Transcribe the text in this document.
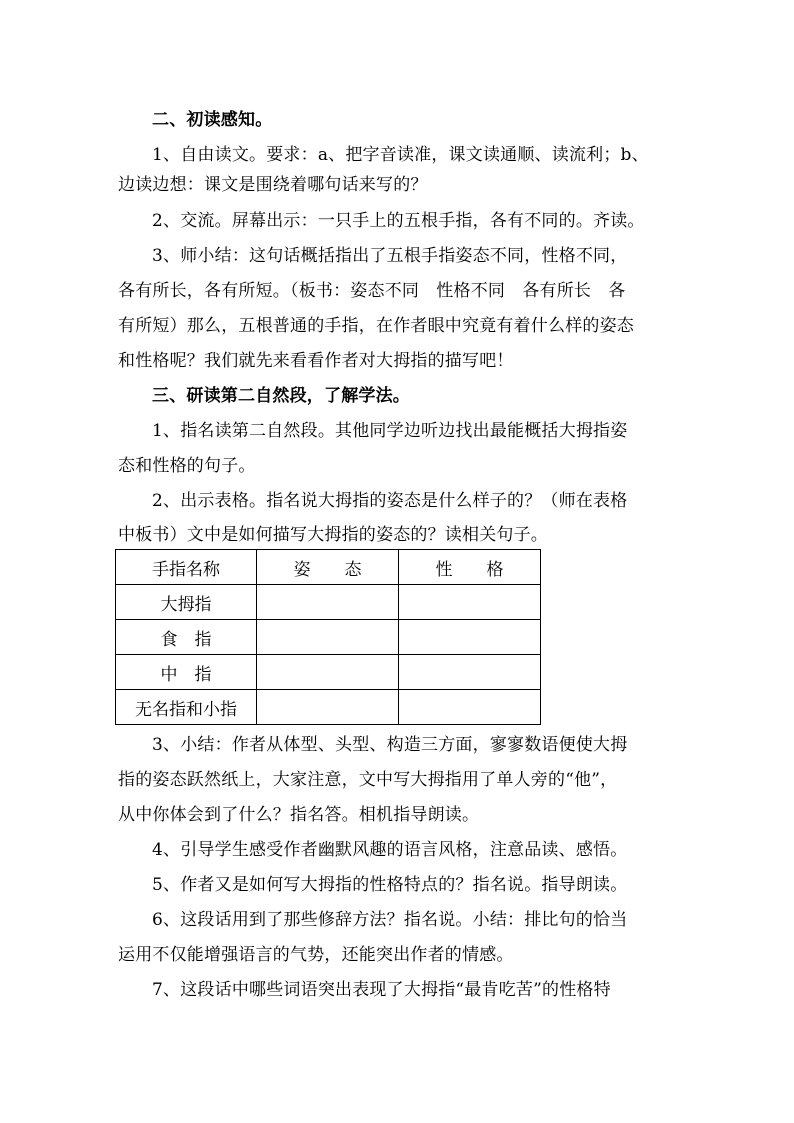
二、初读感知。
1、自由读文。要求：a、把字音读准，课文读通顺、读流利；b、
边读边想：课文是围绕着哪句话来写的？
2、交流。屏幕出示：一只手上的五根手指，各有不同的。齐读。
3、师小结：这句话概括指出了五根手指姿态不同，性格不同，
各有所长，各有所短。（板书：姿态不同　性格不同　各有所长　各
有所短）那么，五根普通的手指，在作者眼中究竟有着什么样的姿态
和性格呢？我们就先来看看作者对大拇指的描写吧！
三、研读第二自然段，了解学法。
1、指名读第二自然段。其他同学边听边找出最能概括大拇指姿
态和性格的句子。
2、出示表格。指名说大拇指的姿态是什么样子的？（师在表格
中板书）文中是如何描写大拇指的姿态的？读相关句子。
手指名称	姿　　态	性　　格
大拇指		
食　指		
中　指		
无名指和小指		
3、小结：作者从体型、头型、构造三方面，寥寥数语便使大拇
指的姿态跃然纸上，大家注意，文中写大拇指用了单人旁的“他”，
从中你体会到了什么？指名答。相机指导朗读。
4、引导学生感受作者幽默风趣的语言风格，注意品读、感悟。
5、作者又是如何写大拇指的性格特点的？指名说。指导朗读。
6、这段话用到了那些修辞方法？指名说。小结：排比句的恰当
运用不仅能增强语言的气势，还能突出作者的情感。
7、这段话中哪些词语突出表现了大拇指“最肯吃苦”的性格特
